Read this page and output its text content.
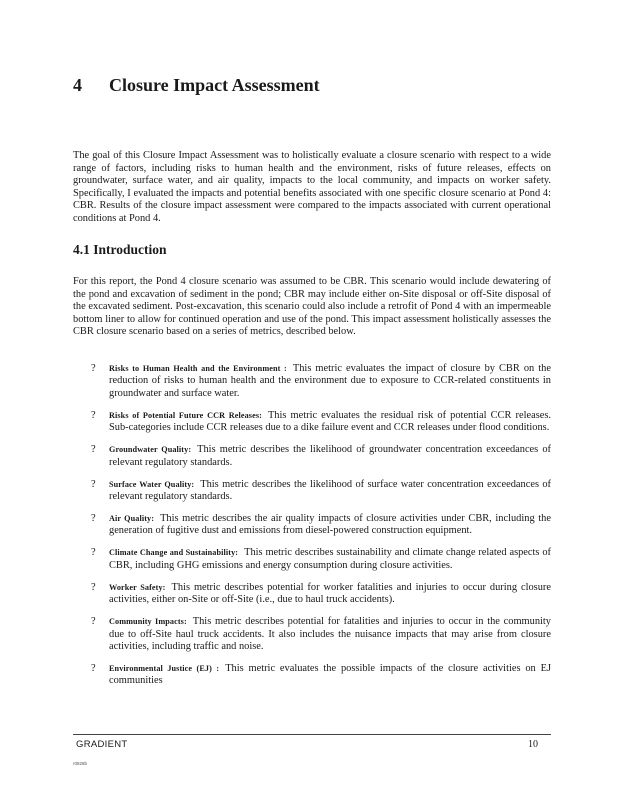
4 Closure Impact Assessment

The goal of this Closure Impact Assessment was to holistically evaluate a closure scenario with respect to a wide range of factors, including risks to human health and the environment, risks of future releases, effects on groundwater, surface water, and air quality, impacts to the local community, and impacts on worker safety. Specifically, I evaluated the impacts and potential benefits associated with one specific closure scenario at Pond 4: CBR. Results of the closure impact assessment were compared to the impacts associated with current operational conditions at Pond 4.

4.1 Introduction

For this report, the Pond 4 closure scenario was assumed to be CBR. This scenario would include dewatering of the pond and excavation of sediment in the pond; CBR may include either on-Site disposal or off-Site disposal of the excavated sediment. Post-excavation, this scenario could also include a retrofit of Pond 4 with an impermeable bottom liner to allow for continued operation and use of the pond. This impact assessment holistically assesses the CBR closure scenario based on a series of metrics, described below.

? Risks to Human Health and the Environment : This metric evaluates the impact of closure by CBR on the reduction of risks to human health and the environment due to exposure to CCR-related constituents in groundwater and surface water.
? Risks of Potential Future CCR Releases: This metric evaluates the residual risk of potential CCR releases. Sub-categories include CCR releases due to a dike failure event and CCR releases under flood conditions.
? Groundwater Quality: This metric describes the likelihood of groundwater concentration exceedances of relevant regulatory standards.
? Surface Water Quality: This metric describes the likelihood of surface water concentration exceedances of relevant regulatory standards.
? Air Quality: This metric describes the air quality impacts of closure activities under CBR, including the generation of fugitive dust and emissions from diesel-powered construction equipment.
? Climate Change and Sustainability: This metric describes sustainability and climate change related aspects of CBR, including GHG emissions and energy consumption during closure activities.
? Worker Safety: This metric describes potential for worker fatalities and injuries to occur during closure activities, either on-Site or off-Site (i.e., due to haul truck accidents).
? Community Impacts: This metric describes potential for fatalities and injuries to occur in the community due to off-Site haul truck accidents. It also includes the nuisance impacts that may arise from closure activities, including traffic and noise.
? Environmental Justice (EJ) : This metric evaluates the possible impacts of the closure activities on EJ communities
GRADIENT	10
r0828b
